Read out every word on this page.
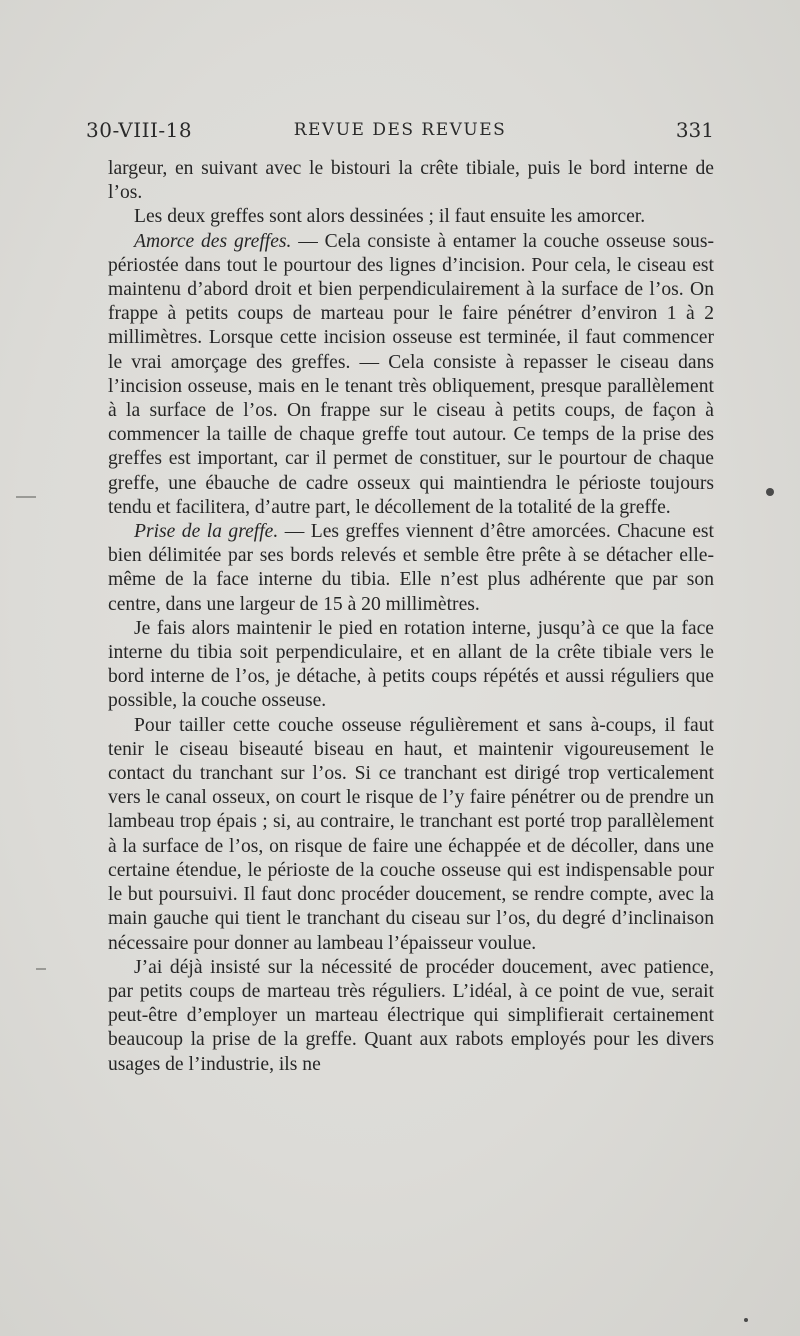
30-VIII-18	REVUE DES REVUES	331

largeur, en suivant avec le bistouri la crête tibiale, puis le bord interne de l’os.

Les deux greffes sont alors dessinées ; il faut ensuite les amorcer.

Amorce des greffes. — Cela consiste à entamer la couche osseuse sous-périostée dans tout le pourtour des lignes d’incision. Pour cela, le ciseau est maintenu d’abord droit et bien perpendiculairement à la surface de l’os. On frappe à petits coups de marteau pour le faire pénétrer d’environ 1 à 2 millimètres. Lorsque cette incision osseuse est terminée, il faut commencer le vrai amorçage des greffes. — Cela consiste à repasser le ciseau dans l’incision osseuse, mais en le tenant très obliquement, presque parallèlement à la surface de l’os. On frappe sur le ciseau à petits coups, de façon à commencer la taille de chaque greffe tout autour. Ce temps de la prise des greffes est important, car il permet de constituer, sur le pourtour de chaque greffe, une ébauche de cadre osseux qui maintiendra le périoste toujours tendu et facilitera, d’autre part, le décollement de la totalité de la greffe.

Prise de la greffe. — Les greffes viennent d’être amorcées. Chacune est bien délimitée par ses bords relevés et semble être prête à se détacher elle-même de la face interne du tibia. Elle n’est plus adhérente que par son centre, dans une largeur de 15 à 20 millimètres.

Je fais alors maintenir le pied en rotation interne, jusqu’à ce que la face interne du tibia soit perpendiculaire, et en allant de la crête tibiale vers le bord interne de l’os, je détache, à petits coups répétés et aussi réguliers que possible, la couche osseuse.

Pour tailler cette couche osseuse régulièrement et sans à-coups, il faut tenir le ciseau biseauté biseau en haut, et maintenir vigoureusement le contact du tranchant sur l’os. Si ce tranchant est dirigé trop verticalement vers le canal osseux, on court le risque de l’y faire pénétrer ou de prendre un lambeau trop épais ; si, au contraire, le tranchant est porté trop parallèlement à la surface de l’os, on risque de faire une échappée et de décoller, dans une certaine étendue, le périoste de la couche osseuse qui est indispensable pour le but poursuivi. Il faut donc procéder doucement, se rendre compte, avec la main gauche qui tient le tranchant du ciseau sur l’os, du degré d’inclinaison nécessaire pour donner au lambeau l’épaisseur voulue.

J’ai déjà insisté sur la nécessité de procéder doucement, avec patience, par petits coups de marteau très réguliers. L’idéal, à ce point de vue, serait peut-être d’employer un marteau électrique qui simplifierait certainement beaucoup la prise de la greffe. Quant aux rabots employés pour les divers usages de l’industrie, ils ne
